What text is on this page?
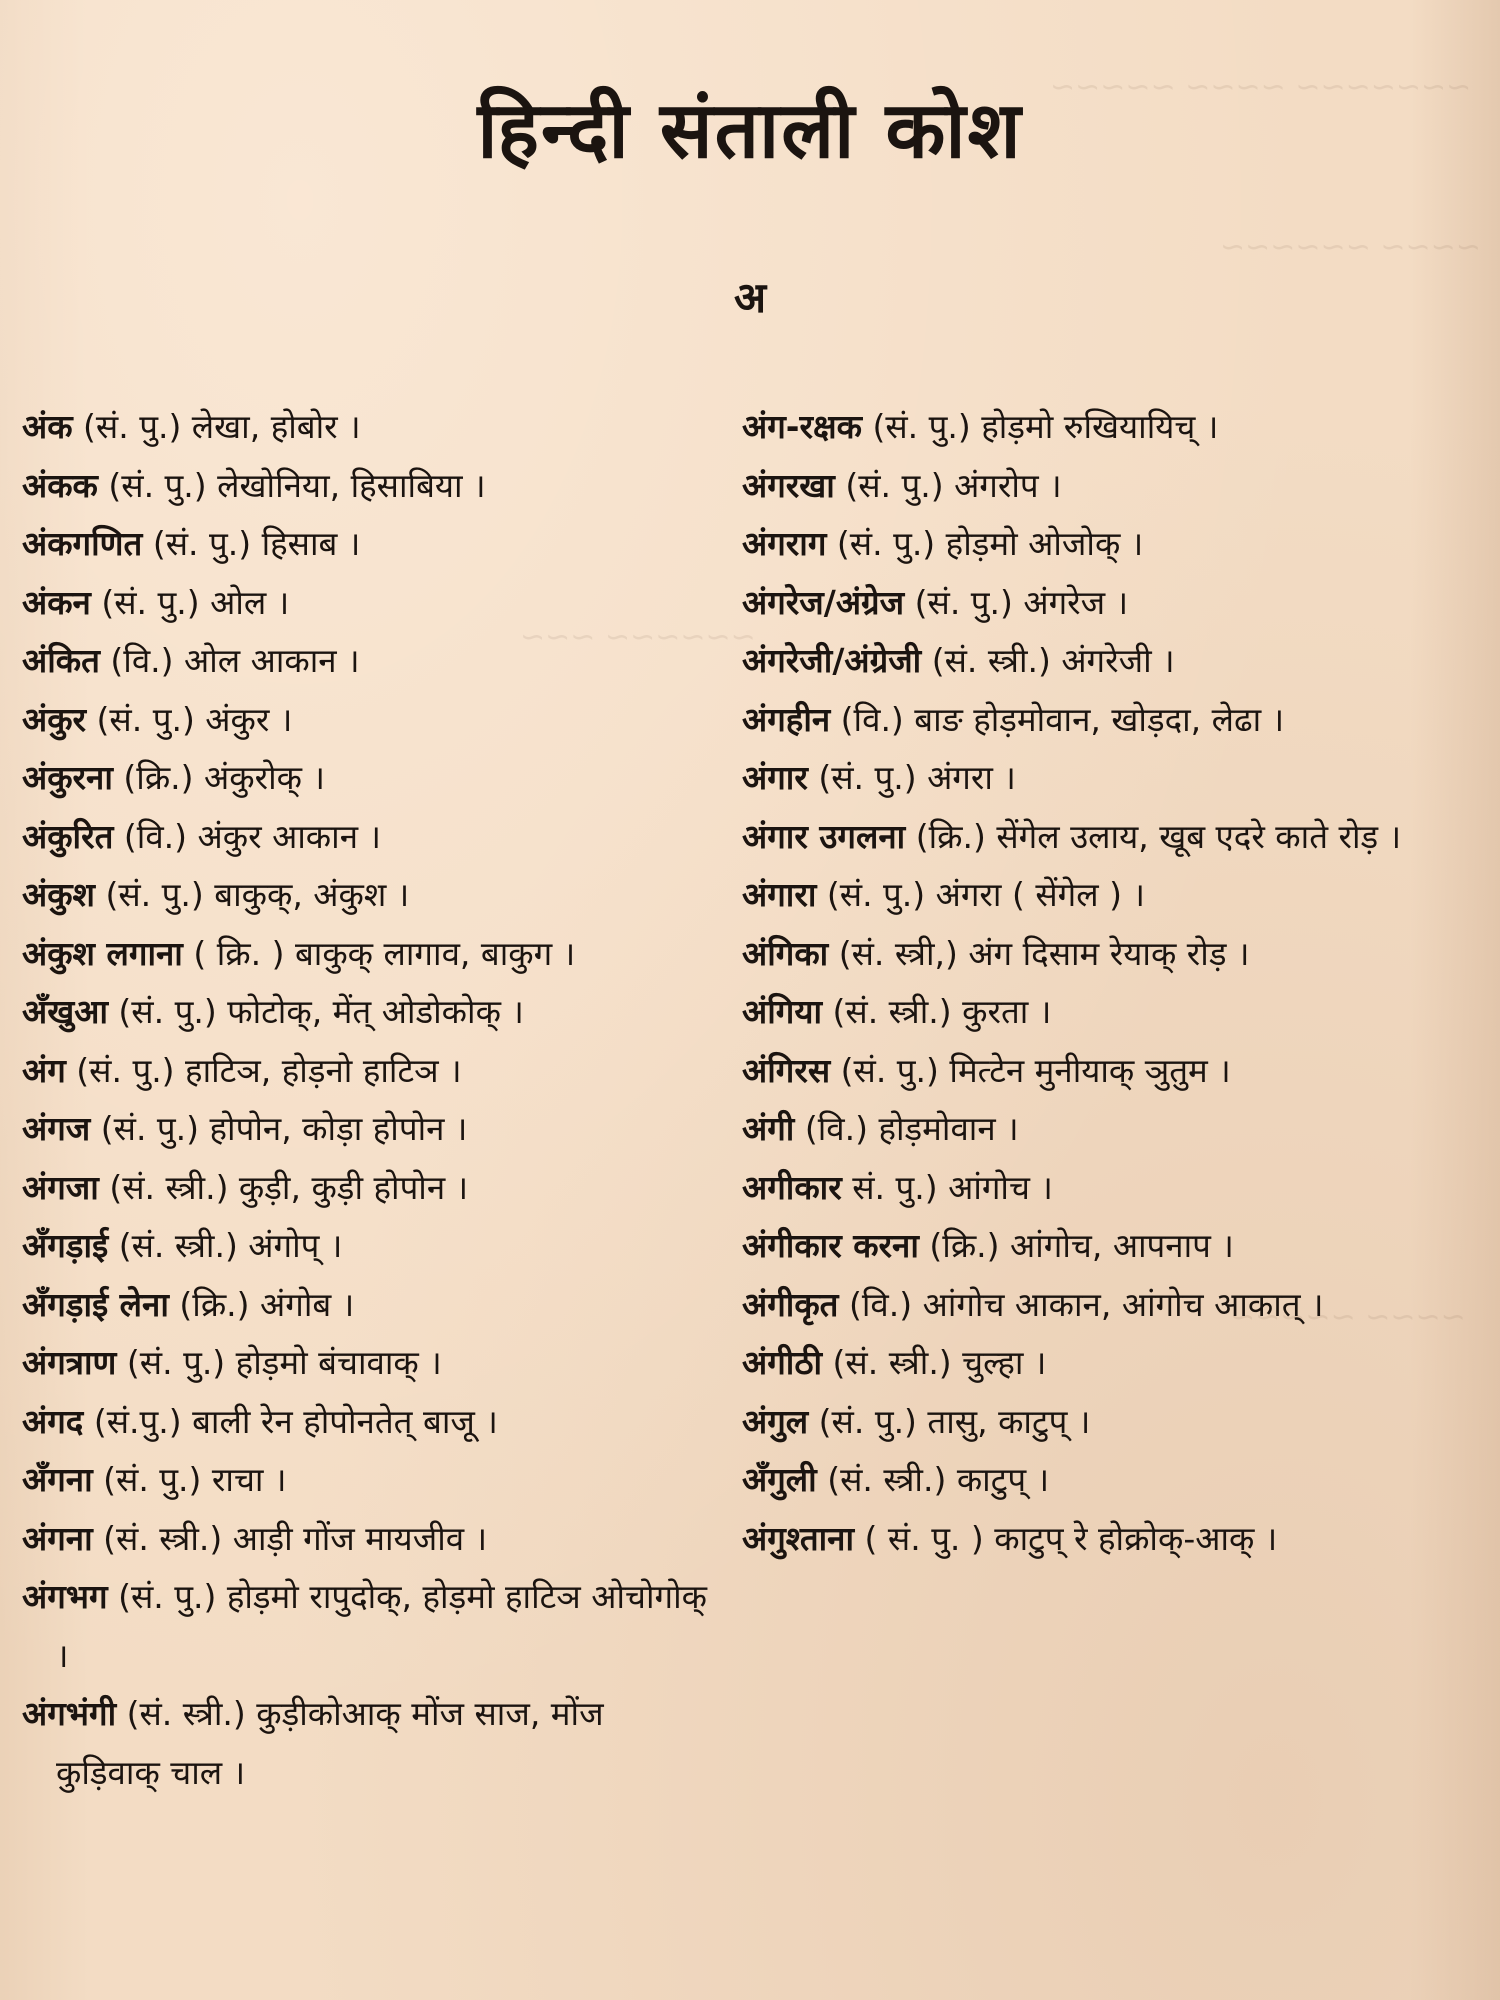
~~~~~~~ ~~~~ ~~~~~
~~~~ ~~~~~~
~~~~~~ ~~~
~~~~ ~~~~~
हिन्दी संताली कोश
अ
अंक (सं. पु.) लेखा, होबोर ।
अंकक (सं. पु.) लेखोनिया, हिसाबिया ।
अंकगणित (सं. पु.) हिसाब ।
अंकन (सं. पु.) ओल ।
अंकित (वि.) ओल आकान ।
अंकुर (सं. पु.) अंकुर ।
अंकुरना (क्रि.) अंकुरोक् ।
अंकुरित (वि.) अंकुर आकान ।
अंकुश (सं. पु.) बाकुक्, अंकुश ।
अंकुश लगाना ( क्रि. ) बाकुक् लागाव, बाकुग ।
अँखुआ (सं. पु.) फोटोक्, मेंत् ओडोकोक् ।
अंग (सं. पु.) हाटिञ, होड़नो हाटिञ ।
अंगज (सं. पु.) होपोन, कोड़ा होपोन ।
अंगजा (सं. स्त्री.) कुड़ी, कुड़ी होपोन ।
अँगड़ाई (सं. स्त्री.) अंगोप् ।
अँगड़ाई लेना (क्रि.) अंगोब ।
अंगत्राण (सं. पु.) होड़मो बंचावाक् ।
अंगद (सं.पु.) बाली रेन होपोनतेत् बाजू ।
अँगना (सं. पु.) राचा ।
अंगना (सं. स्त्री.) आड़ी गोंज मायजीव ।
अंगभग (सं. पु.) होड़मो रापुदोक्, होड़मो हाटिञ ओचोगोक् ।
अंगभंगी (सं. स्त्री.) कुड़ीकोआक् मोंज साज, मोंज कुड़िवाक् चाल ।
अंग-रक्षक (सं. पु.) होड़मो रुखियायिच् ।
अंगरखा (सं. पु.) अंगरोप ।
अंगराग (सं. पु.) होड़मो ओजोक् ।
अंगरेज/अंग्रेज (सं. पु.) अंगरेज ।
अंगरेजी/अंग्रेजी (सं. स्त्री.) अंगरेजी ।
अंगहीन (वि.) बाङ होड़मोवान, खोड़दा, लेढा ।
अंगार (सं. पु.) अंगरा ।
अंगार उगलना (क्रि.) सेंगेल उलाय, खूब एदरे काते रोड़ ।
अंगारा (सं. पु.) अंगरा ( सेंगेल ) ।
अंगिका (सं. स्त्री,) अंग दिसाम रेयाक् रोड़ ।
अंगिया (सं. स्त्री.) कुरता ।
अंगिरस (सं. पु.) मित्टेन मुनीयाक् ञुतुम ।
अंगी (वि.) होड़मोवान ।
अगीकार सं. पु.) आंगोच ।
अंगीकार करना (क्रि.) आंगोच, आपनाप ।
अंगीकृत (वि.) आंगोच आकान, आंगोच आकात् ।
अंगीठी (सं. स्त्री.) चुल्हा ।
अंगुल (सं. पु.) तासु, काटुप् ।
अँगुली (सं. स्त्री.) काटुप् ।
अंगुश्ताना ( सं. पु. ) काटुप् रे होक्रोक्-आक् ।
